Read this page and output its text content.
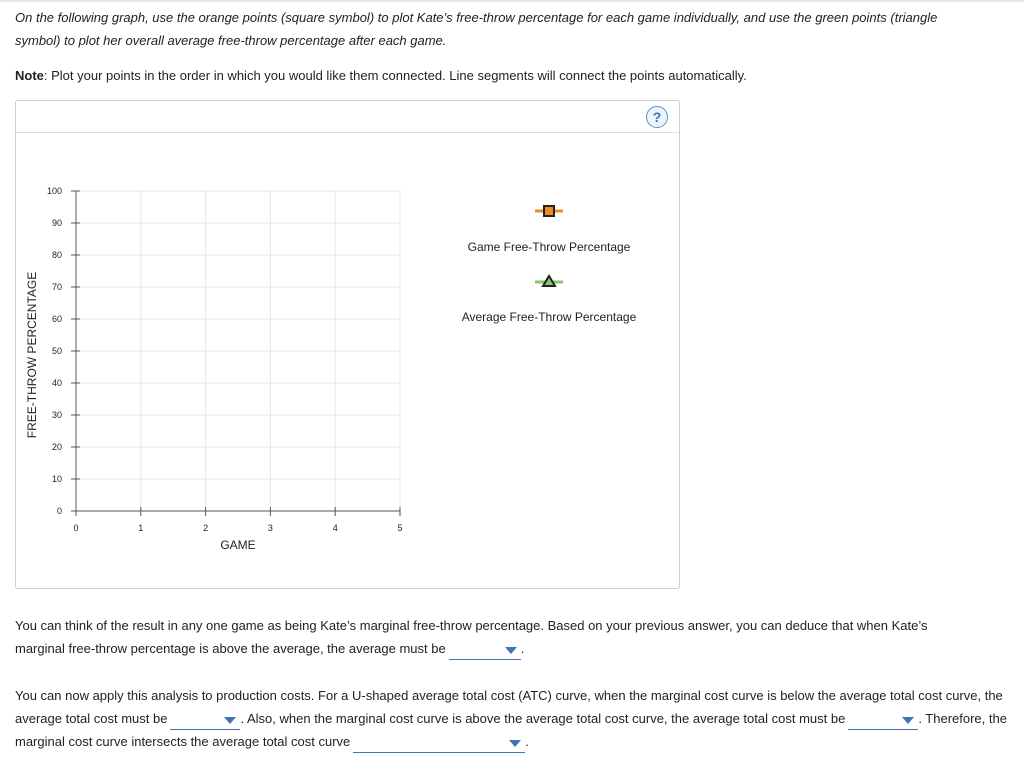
On the following graph, use the orange points (square symbol) to plot Kate’s free-throw percentage for each game individually, and use the green points (triangle symbol) to plot her overall average free-throw percentage after each game.

Note: Plot your points in the order in which you would like them connected. Line segments will connect the points automatically.

?
0
10
20
30
40
50
60
70
80
90
100
0	1	2	3	4	5
GAME
FREE-THROW PERCENTAGE
Game Free-Throw Percentage
Average Free-Throw Percentage

You can think of the result in any one game as being Kate’s marginal free-throw percentage. Based on your previous answer, you can deduce that when Kate’s marginal free-throw percentage is above the average, the average must be	.

You can now apply this analysis to production costs. For a U-shaped average total cost (ATC) curve, when the marginal cost curve is below the average total cost curve, the average total cost must be	. Also, when the marginal cost curve is above the average total cost curve, the average total cost must be	. Therefore, the marginal cost curve intersects the average total cost curve	.
